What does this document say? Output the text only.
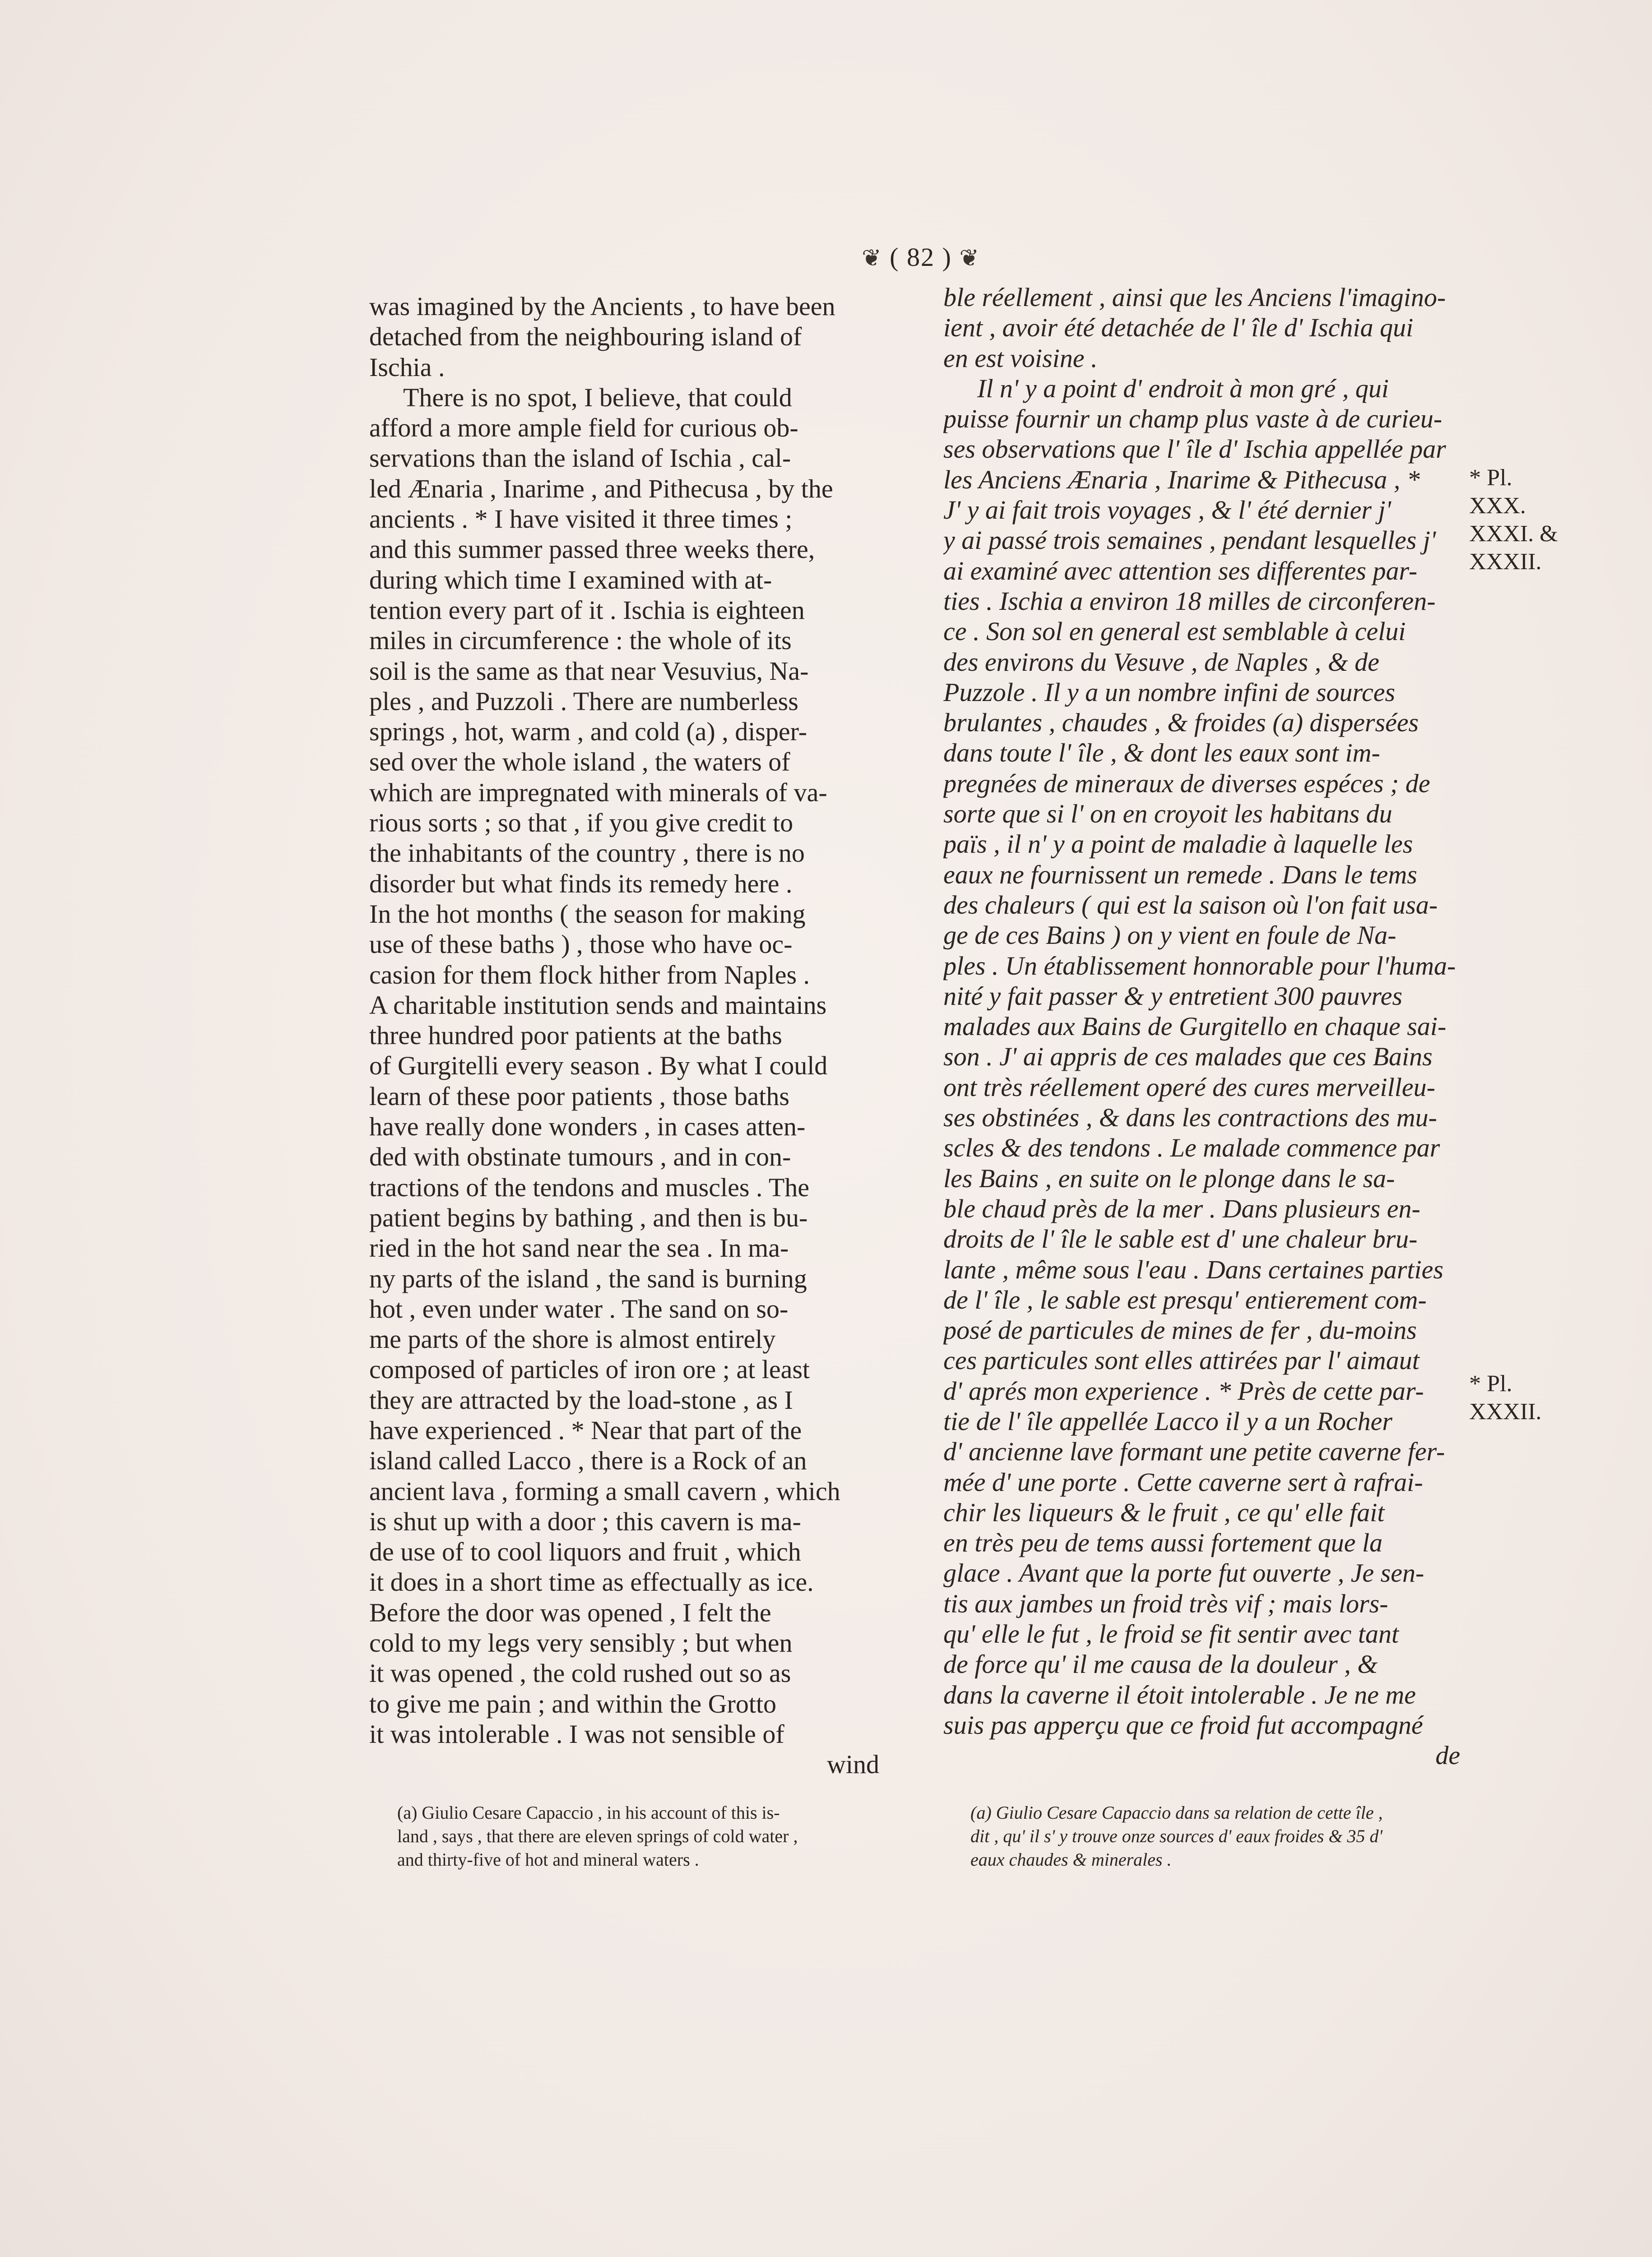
❦ ( 82 ) ❦
was imagined by the Ancients , to have been
detached from the neighbouring island of
Ischia .
There is no spot, I believe, that could
afford a more ample field for curious ob-
servations than the island of Ischia , cal-
led Ænaria , Inarime , and Pithecusa , by the
ancients . * I have visited it three times ;
and this summer passed three weeks there,
during which time I examined with at-
tention every part of it . Ischia is eighteen
miles in circumference : the whole of its
soil is the same as that near Vesuvius, Na-
ples , and Puzzoli . There are numberless
springs , hot, warm , and cold (a) , disper-
sed over the whole island , the waters of
which are impregnated with minerals of va-
rious sorts ; so that , if you give credit to
the inhabitants of the country , there is no
disorder but what finds its remedy here .
In the hot months ( the season for making
use of these baths ) , those who have oc-
casion for them flock hither from Naples .
A charitable institution sends and maintains
three hundred poor patients at the baths
of Gurgitelli every season . By what I could
learn of these poor patients , those baths
have really done wonders , in cases atten-
ded with obstinate tumours , and in con-
tractions of the tendons and muscles . The
patient begins by bathing , and then is bu-
ried in the hot sand near the sea . In ma-
ny parts of the island , the sand is burning
hot , even under water . The sand on so-
me parts of the shore is almost entirely
composed of particles of iron ore ; at least
they are attracted by the load-stone , as I
have experienced . * Near that part of the
island called Lacco , there is a Rock of an
ancient lava , forming a small cavern , which
is shut up with a door ; this cavern is ma-
de use of to cool liquors and fruit , which
it does in a short time as effectually as ice.
Before the door was opened , I felt the
cold to my legs very sensibly ; but when
it was opened , the cold rushed out so as
to give me pain ; and within the Grotto
it was intolerable . I was not sensible of
wind
ble réellement , ainsi que les Anciens l'imagino-
ient , avoir été detachée de l' île d' Ischia qui
en est voisine .
Il n' y a point d' endroit à mon gré , qui
puisse fournir un champ plus vaste à de curieu-
ses observations que l' île d' Ischia appellée par
les Anciens Ænaria , Inarime & Pithecusa , *
J' y ai fait trois voyages , & l' été dernier j'
y ai passé trois semaines , pendant lesquelles j'
ai examiné avec attention ses differentes par-
ties . Ischia a environ 18 milles de circonferen-
ce . Son sol en general est semblable à celui
des environs du Vesuve , de Naples , & de
Puzzole . Il y a un nombre infini de sources
brulantes , chaudes , & froides (a) dispersées
dans toute l' île , & dont les eaux sont im-
pregnées de mineraux de diverses espéces ; de
sorte que si l' on en croyoit les habitans du
païs , il n' y a point de maladie à laquelle les
eaux ne fournissent un remede . Dans le tems
des chaleurs ( qui est la saison où l'on fait usa-
ge de ces Bains ) on y vient en foule de Na-
ples . Un établissement honnorable pour l'huma-
nité y fait passer & y entretient 300 pauvres
malades aux Bains de Gurgitello en chaque sai-
son . J' ai appris de ces malades que ces Bains
ont très réellement operé des cures merveilleu-
ses obstinées , & dans les contractions des mu-
scles & des tendons . Le malade commence par
les Bains , en suite on le plonge dans le sa-
ble chaud près de la mer . Dans plusieurs en-
droits de l' île le sable est d' une chaleur bru-
lante , même sous l'eau . Dans certaines parties
de l' île , le sable est presqu' entierement com-
posé de particules de mines de fer , du-moins
ces particules sont elles attirées par l' aimaut
d' aprés mon experience . * Près de cette par-
tie de l' île appellée Lacco il y a un Rocher
d' ancienne lave formant une petite caverne fer-
mée d' une porte . Cette caverne sert à rafrai-
chir les liqueurs & le fruit , ce qu' elle fait
en très peu de tems aussi fortement que la
glace . Avant que la porte fut ouverte , Je sen-
tis aux jambes un froid très vif ; mais lors-
qu' elle le fut , le froid se fit sentir avec tant
de force qu' il me causa de la douleur , &
dans la caverne il étoit intolerable . Je ne me
suis pas apperçu que ce froid fut accompagné
de
* Pl.
XXX.
XXXI. &
XXXII.
* Pl.
XXXII.
(a) Giulio Cesare Capaccio , in his account of this is-
land , says , that there are eleven springs of cold water ,
and thirty-five of hot and mineral waters .
(a) Giulio Cesare Capaccio dans sa relation de cette île ,
dit , qu' il s' y trouve onze sources d' eaux froides & 35 d'
eaux chaudes & minerales .
